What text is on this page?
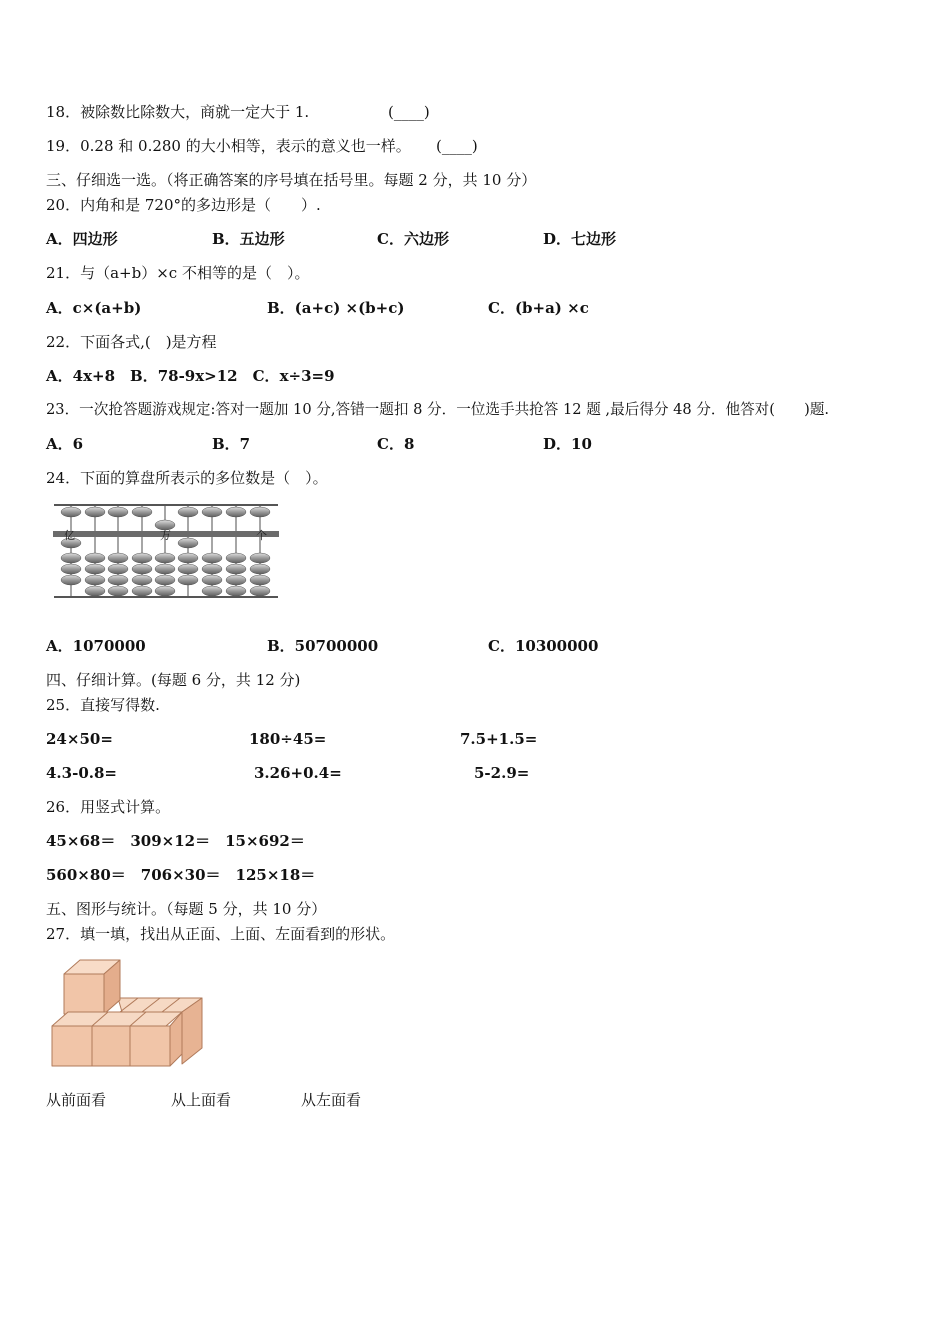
18．被除数比除数大，商就一定大于 1.	(____)
19．0.28 和 0.280 的大小相等，表示的意义也一样。 (____)
三、仔细选一选。（将正确答案的序号填在括号里。每题 2 分，共 10 分）
20．内角和是 720°的多边形是（　　）.
A．四边形	B．五边形	C．六边形	D．七边形
21．与（a+b）×c 不相等的是（　）。
A．c×(a+b)	B．(a+c) ×(b+c)	C．(b+a) ×c
22．下面各式,(　)是方程
A．4x+8　B．78-9x>12　C．x÷3=9
23．一次抢答题游戏规定:答对一题加 10 分,答错一题扣 8 分．一位选手共抢答 12 题 ,最后得分 48 分．他答对(　　)题.
A．6	B．7	C．8	D．10
24．下面的算盘所表示的多位数是（　）。
亿	万	个
A．1070000	B．50700000	C．10300000
四、仔细计算。(每题 6 分，共 12 分)
25．直接写得数.
24×50=	180÷45=	7.5+1.5=
4.3-0.8=	3.26+0.4=	5-2.9=
26．用竖式计算。
45×68＝　309×12＝　15×692＝
560×80＝　706×30＝　125×18＝
五、图形与统计。（每题 5 分，共 10 分）
27．填一填，找出从正面、上面、左面看到的形状。
从前面看	从上面看	从左面看
